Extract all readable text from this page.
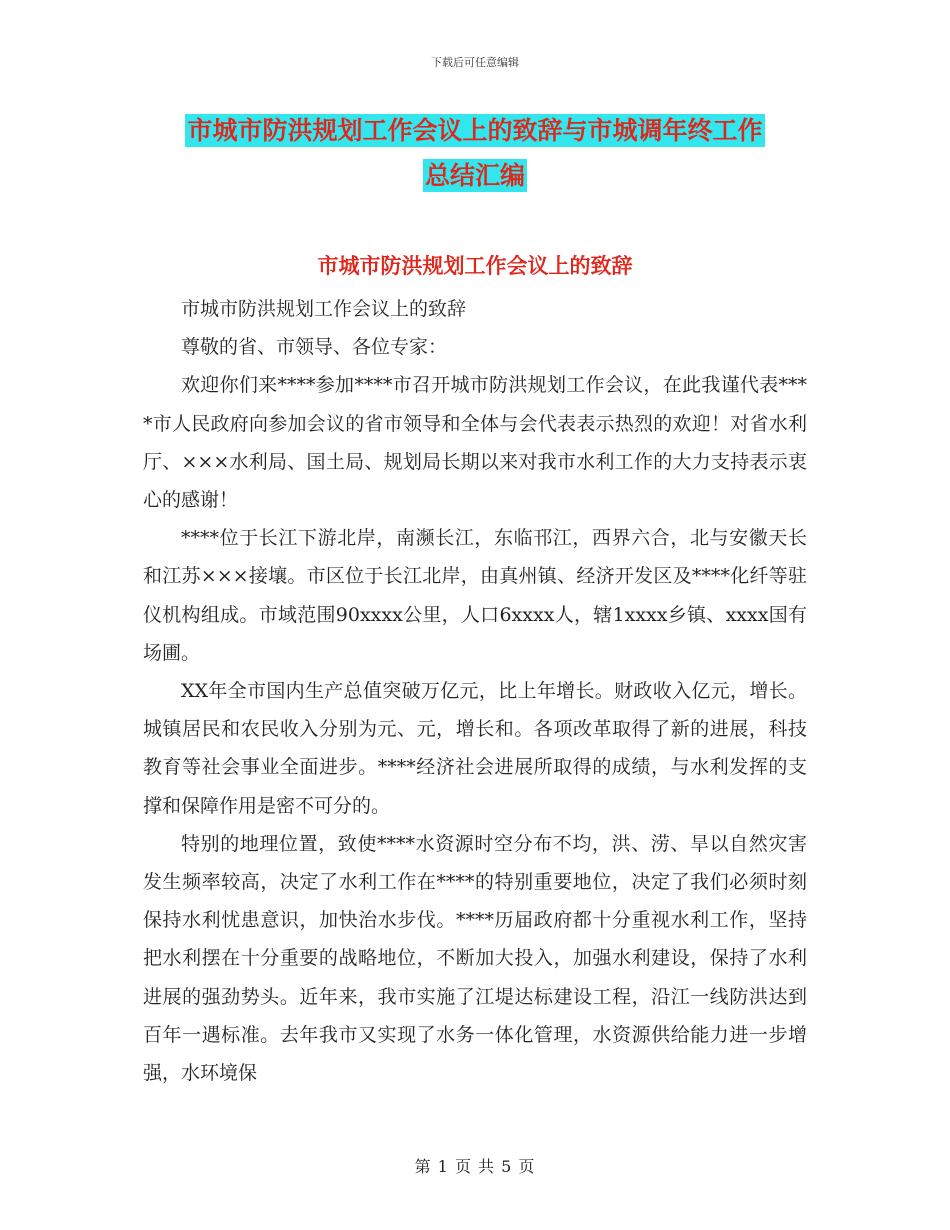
下载后可任意编辑
市城市防洪规划工作会议上的致辞与市城调年终工作
总结汇编
市城市防洪规划工作会议上的致辞

市城市防洪规划工作会议上的致辞

尊敬的省、市领导、各位专家：

欢迎你们来****参加****市召开城市防洪规划工作会议，在此我谨代表****市人民政府向参加会议的省市领导和全体与会代表表示热烈的欢迎！对省水利厅、×××水利局、国土局、规划局长期以来对我市水利工作的大力支持表示衷心的感谢！

****位于长江下游北岸，南濒长江，东临邗江，西界六合，北与安徽天长和江苏×××接壤。市区位于长江北岸，由真州镇、经济开发区及****化纤等驻仪机构组成。市域范围90xxxx公里，人口6xxxx人，辖1xxxx乡镇、xxxx国有场圃。

XX年全市国内生产总值突破万亿元，比上年增长。财政收入亿元，增长。城镇居民和农民收入分别为元、元，增长和。各项改革取得了新的进展，科技教育等社会事业全面进步。****经济社会进展所取得的成绩，与水利发挥的支撑和保障作用是密不可分的。

特别的地理位置，致使****水资源时空分布不均，洪、涝、旱以自然灾害发生频率较高，决定了水利工作在****的特别重要地位，决定了我们必须时刻保持水利忧患意识，加快治水步伐。****历届政府都十分重视水利工作，坚持把水利摆在十分重要的战略地位，不断加大投入，加强水利建设，保持了水利进展的强劲势头。近年来，我市实施了江堤达标建设工程，沿江一线防洪达到百年一遇标准。去年我市又实现了水务一体化管理，水资源供给能力进一步增强，水环境保

第 1 页 共 5 页
